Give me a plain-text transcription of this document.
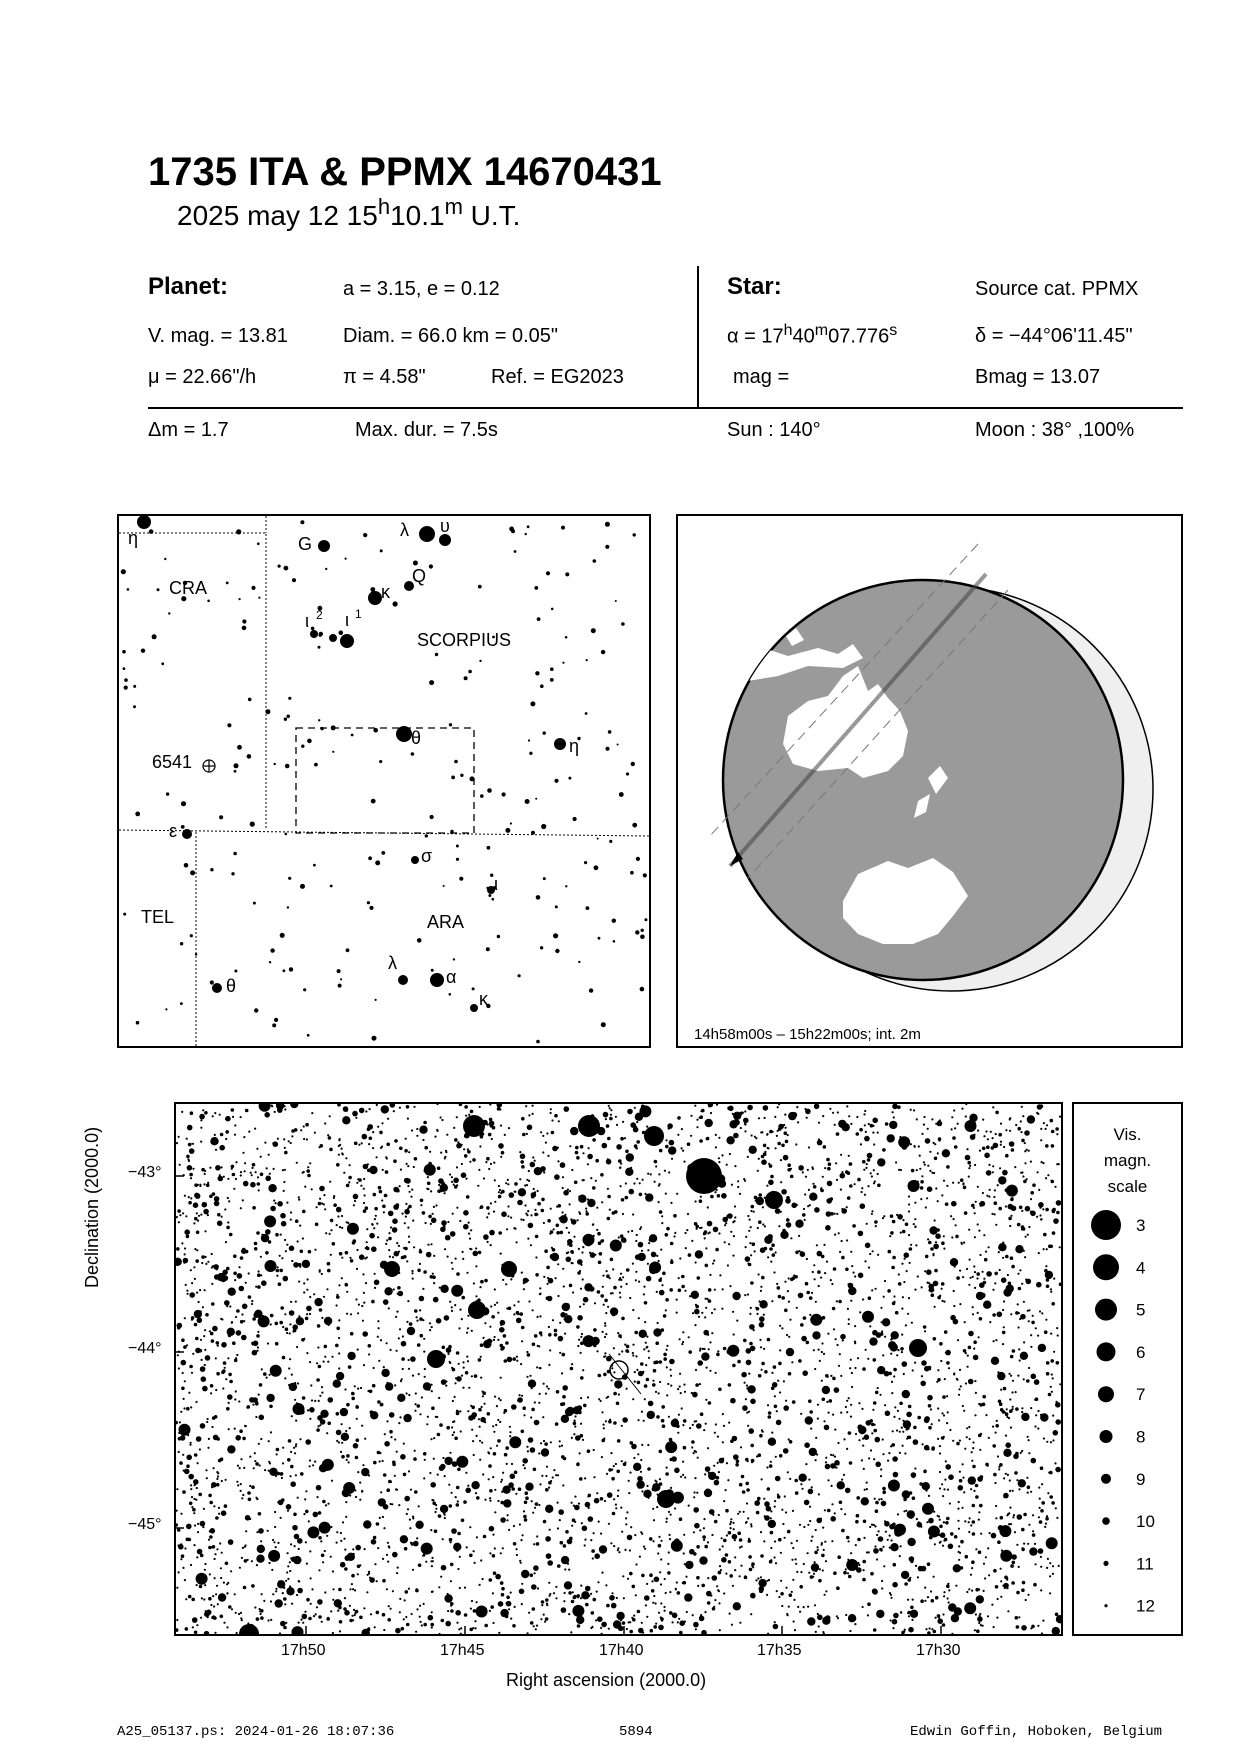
1735 ITA & PPMX 14670431
2025 may 12 15$^h$10.1$^m$ U.T.
Planet:	a = 3.15, e = 0.12
V. mag. = 13.81	Diam. = 66.0 km = 0.05"
μ = 22.66"/h	π = 4.58"	Ref. = EG2023
Star:	Source cat. PPMX
$\alpha = 17^h40^m07.776^s$	δ = −44°06'11.45"
mag =	Bmag = 13.07
Δm = 1.7	Max. dur. = 7.5s	Sun : 140°	Moon : 38° ,100%
CRA
SCORPIUS
TEL	ARA
6541
η	G
λ υ
Q
κ
ι 2 ι 1
θ	η
ε
σ
ι
λ
α
κ
θ
14h58m00s – 15h22m00s; int. 2m
Declination (2000.0) −43°
−44°
−45°
17h50	17h45	17h40	17h35	17h30
Right ascension (2000.0)
Vis.
magn.
scale
3
4
5
6
7
8
9
10
11
12
A25_05137.ps: 2024-01-26 18:07:36	5894	Edwin Goffin, Hoboken, Belgium
